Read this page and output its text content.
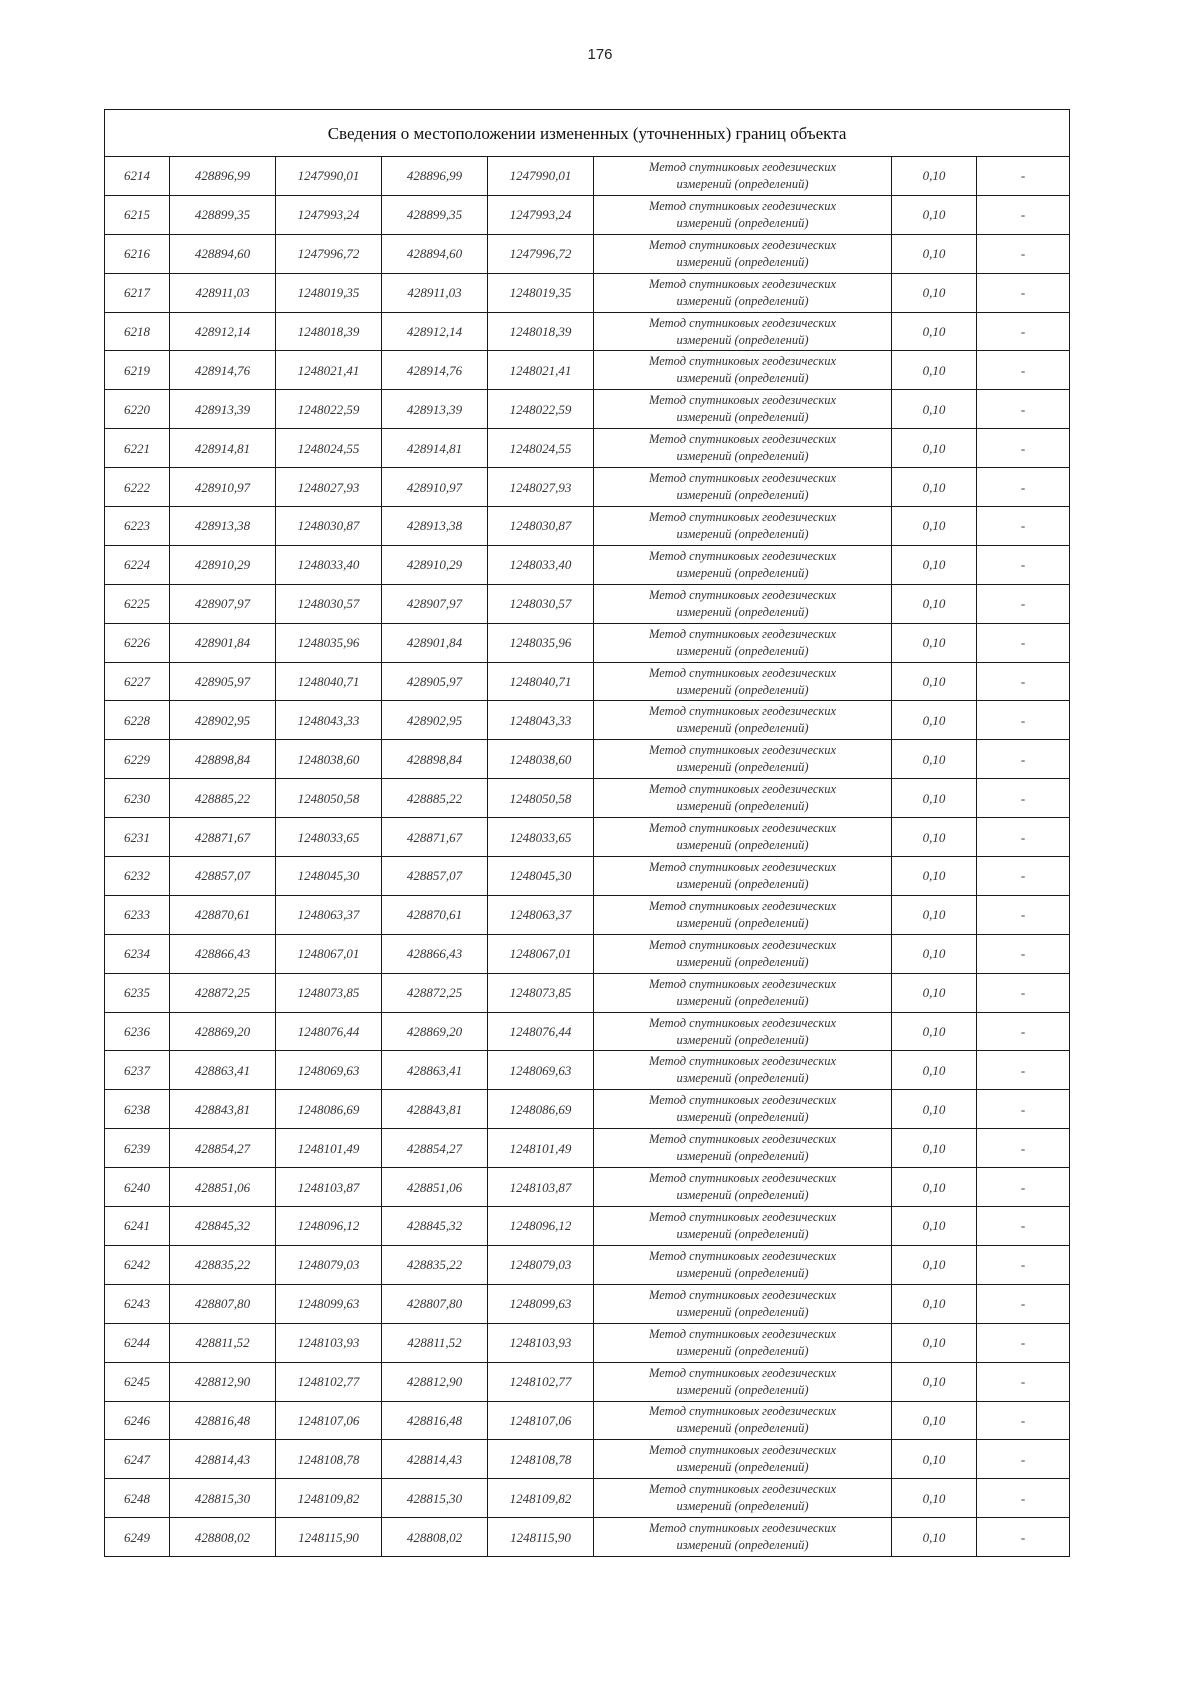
176
Сведения о местоположении измененных (уточненных) границ объекта							
6214	428896,99	1247990,01	428896,99	1247990,01	Метод спутниковых геодезических
измерений (определений)	0,10	-
6215	428899,35	1247993,24	428899,35	1247993,24	Метод спутниковых геодезических
измерений (определений)	0,10	-
6216	428894,60	1247996,72	428894,60	1247996,72	Метод спутниковых геодезических
измерений (определений)	0,10	-
6217	428911,03	1248019,35	428911,03	1248019,35	Метод спутниковых геодезических
измерений (определений)	0,10	-
6218	428912,14	1248018,39	428912,14	1248018,39	Метод спутниковых геодезических
измерений (определений)	0,10	-
6219	428914,76	1248021,41	428914,76	1248021,41	Метод спутниковых геодезических
измерений (определений)	0,10	-
6220	428913,39	1248022,59	428913,39	1248022,59	Метод спутниковых геодезических
измерений (определений)	0,10	-
6221	428914,81	1248024,55	428914,81	1248024,55	Метод спутниковых геодезических
измерений (определений)	0,10	-
6222	428910,97	1248027,93	428910,97	1248027,93	Метод спутниковых геодезических
измерений (определений)	0,10	-
6223	428913,38	1248030,87	428913,38	1248030,87	Метод спутниковых геодезических
измерений (определений)	0,10	-
6224	428910,29	1248033,40	428910,29	1248033,40	Метод спутниковых геодезических
измерений (определений)	0,10	-
6225	428907,97	1248030,57	428907,97	1248030,57	Метод спутниковых геодезических
измерений (определений)	0,10	-
6226	428901,84	1248035,96	428901,84	1248035,96	Метод спутниковых геодезических
измерений (определений)	0,10	-
6227	428905,97	1248040,71	428905,97	1248040,71	Метод спутниковых геодезических
измерений (определений)	0,10	-
6228	428902,95	1248043,33	428902,95	1248043,33	Метод спутниковых геодезических
измерений (определений)	0,10	-
6229	428898,84	1248038,60	428898,84	1248038,60	Метод спутниковых геодезических
измерений (определений)	0,10	-
6230	428885,22	1248050,58	428885,22	1248050,58	Метод спутниковых геодезических
измерений (определений)	0,10	-
6231	428871,67	1248033,65	428871,67	1248033,65	Метод спутниковых геодезических
измерений (определений)	0,10	-
6232	428857,07	1248045,30	428857,07	1248045,30	Метод спутниковых геодезических
измерений (определений)	0,10	-
6233	428870,61	1248063,37	428870,61	1248063,37	Метод спутниковых геодезических
измерений (определений)	0,10	-
6234	428866,43	1248067,01	428866,43	1248067,01	Метод спутниковых геодезических
измерений (определений)	0,10	-
6235	428872,25	1248073,85	428872,25	1248073,85	Метод спутниковых геодезических
измерений (определений)	0,10	-
6236	428869,20	1248076,44	428869,20	1248076,44	Метод спутниковых геодезических
измерений (определений)	0,10	-
6237	428863,41	1248069,63	428863,41	1248069,63	Метод спутниковых геодезических
измерений (определений)	0,10	-
6238	428843,81	1248086,69	428843,81	1248086,69	Метод спутниковых геодезических
измерений (определений)	0,10	-
6239	428854,27	1248101,49	428854,27	1248101,49	Метод спутниковых геодезических
измерений (определений)	0,10	-
6240	428851,06	1248103,87	428851,06	1248103,87	Метод спутниковых геодезических
измерений (определений)	0,10	-
6241	428845,32	1248096,12	428845,32	1248096,12	Метод спутниковых геодезических
измерений (определений)	0,10	-
6242	428835,22	1248079,03	428835,22	1248079,03	Метод спутниковых геодезических
измерений (определений)	0,10	-
6243	428807,80	1248099,63	428807,80	1248099,63	Метод спутниковых геодезических
измерений (определений)	0,10	-
6244	428811,52	1248103,93	428811,52	1248103,93	Метод спутниковых геодезических
измерений (определений)	0,10	-
6245	428812,90	1248102,77	428812,90	1248102,77	Метод спутниковых геодезических
измерений (определений)	0,10	-
6246	428816,48	1248107,06	428816,48	1248107,06	Метод спутниковых геодезических
измерений (определений)	0,10	-
6247	428814,43	1248108,78	428814,43	1248108,78	Метод спутниковых геодезических
измерений (определений)	0,10	-
6248	428815,30	1248109,82	428815,30	1248109,82	Метод спутниковых геодезических
измерений (определений)	0,10	-
6249	428808,02	1248115,90	428808,02	1248115,90	Метод спутниковых геодезических
измерений (определений)	0,10	-
